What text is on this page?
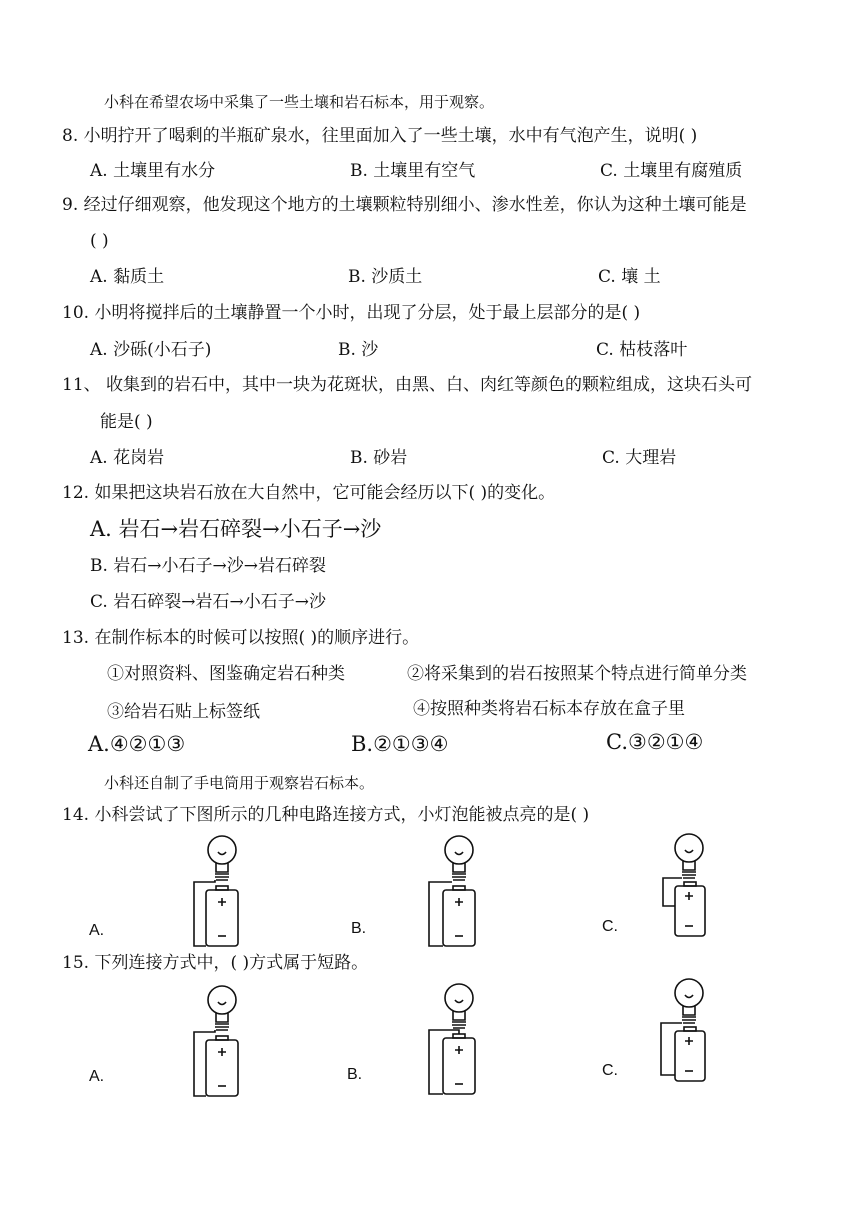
小科在希望农场中采集了一些土壤和岩石标本，用于观察。
8. 小明拧开了喝剩的半瓶矿泉水，往里面加入了一些土壤，水中有气泡产生，说明( )
A. 土壤里有水分	B. 土壤里有空气	C. 土壤里有腐殖质
9. 经过仔细观察，他发现这个地方的土壤颗粒特别细小、渗水性差，你认为这种土壤可能是
( )
A. 黏质土	B. 沙质土	C. 壤 土
10. 小明将搅拌后的土壤静置一个小时，出现了分层，处于最上层部分的是( )
A. 沙砾(小石子)	B. 沙	C. 枯枝落叶
11、 收集到的岩石中，其中一块为花斑状，由黑、白、肉红等颜色的颗粒组成，这块石头可
能是( )
A. 花岗岩	B. 砂岩	C. 大理岩
12. 如果把这块岩石放在大自然中，它可能会经历以下( )的变化。
A. 岩石→岩石碎裂→小石子→沙
B. 岩石→小石子→沙→岩石碎裂
C. 岩石碎裂→岩石→小石子→沙
13. 在制作标本的时候可以按照( )的顺序进行。
①对照资料、图鉴确定岩石种类	②将采集到的岩石按照某个特点进行简单分类
③给岩石贴上标签纸	④按照种类将岩石标本存放在盒子里
A.④②①③	B.②①③④	C.③②①④
小科还自制了手电筒用于观察岩石标本。
14. 小科尝试了下图所示的几种电路连接方式，小灯泡能被点亮的是( )
A.	B.	C.
15. 下列连接方式中，( )方式属于短路。
A.	B.	C.
